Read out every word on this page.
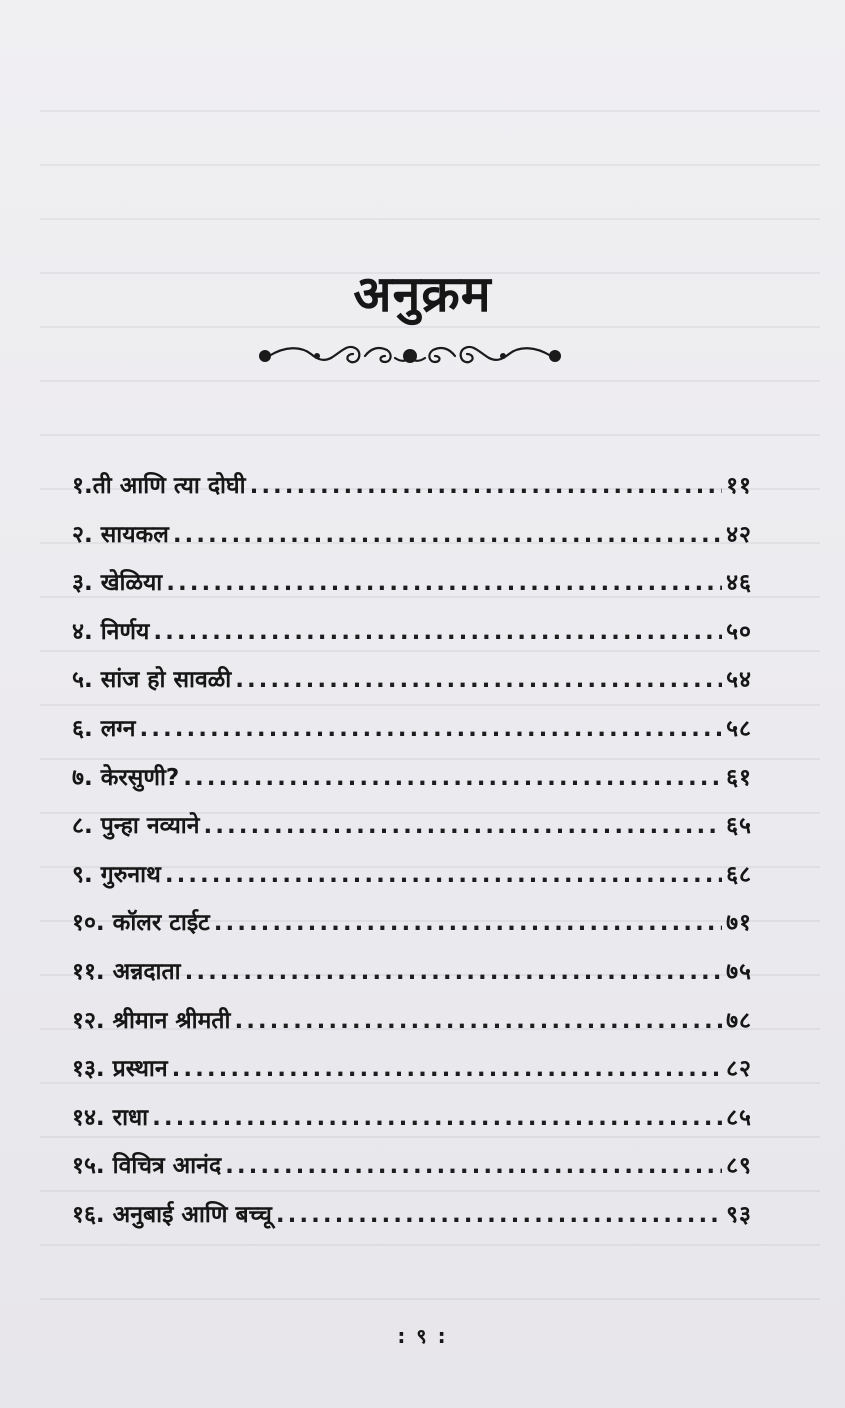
अनुक्रम
१.ती आणि त्या दोघी .....	११
२. सायकल .....	४२
३. खेळिया .....	४६
४. निर्णय .....	५०
५. सांज हो सावळी .....	५४
६. लग्न .....	५८
७. केरसुणी? .....	६१
८. पुन्हा नव्याने .....	६५
९. गुरुनाथ .....	६८
१०. कॉलर टाईट .....	७१
११. अन्नदाता .....	७५
१२. श्रीमान श्रीमती .....	७८
१३. प्रस्थान .....	८२
१४. राधा .....	८५
१५. विचित्र आनंद .....	८९
१६. अनुबाई आणि बच्चू .....	९३
: ९ :
